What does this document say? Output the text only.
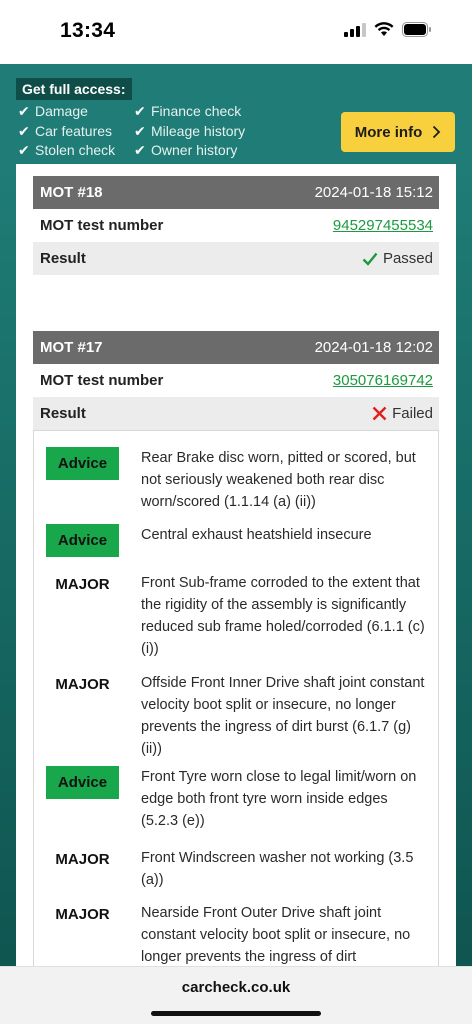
13:34
Get full access:
✔ Damage
✔ Car features
✔ Stolen check
✔ Finance check
✔ Mileage history
✔ Owner history
More info
MOT #18	2024-01-18 15:12
MOT test number	945297455534
Result	Passed
MOT #17	2024-01-18 12:02
MOT test number	305076169742
Result	Failed
Advice	Rear Brake disc worn, pitted or scored, but not seriously weakened both rear disc worn/scored (1.1.14 (a) (ii))
Advice	Central exhaust heatshield insecure
MAJOR	Front Sub-frame corroded to the extent that the rigidity of the assembly is significantly reduced sub frame holed/corroded (6.1.1 (c) (i))
MAJOR	Offside Front Inner Drive shaft joint constant velocity boot split or insecure, no longer prevents the ingress of dirt burst (6.1.7 (g) (ii))
Advice	Front Tyre worn close to legal limit/worn on edge both front tyre worn inside edges (5.2.3 (e))
MAJOR	Front Windscreen washer not working (3.5 (a))
MAJOR	Nearside Front Outer Drive shaft joint constant velocity boot split or insecure, no longer prevents the ingress of dirt
carcheck.co.uk
